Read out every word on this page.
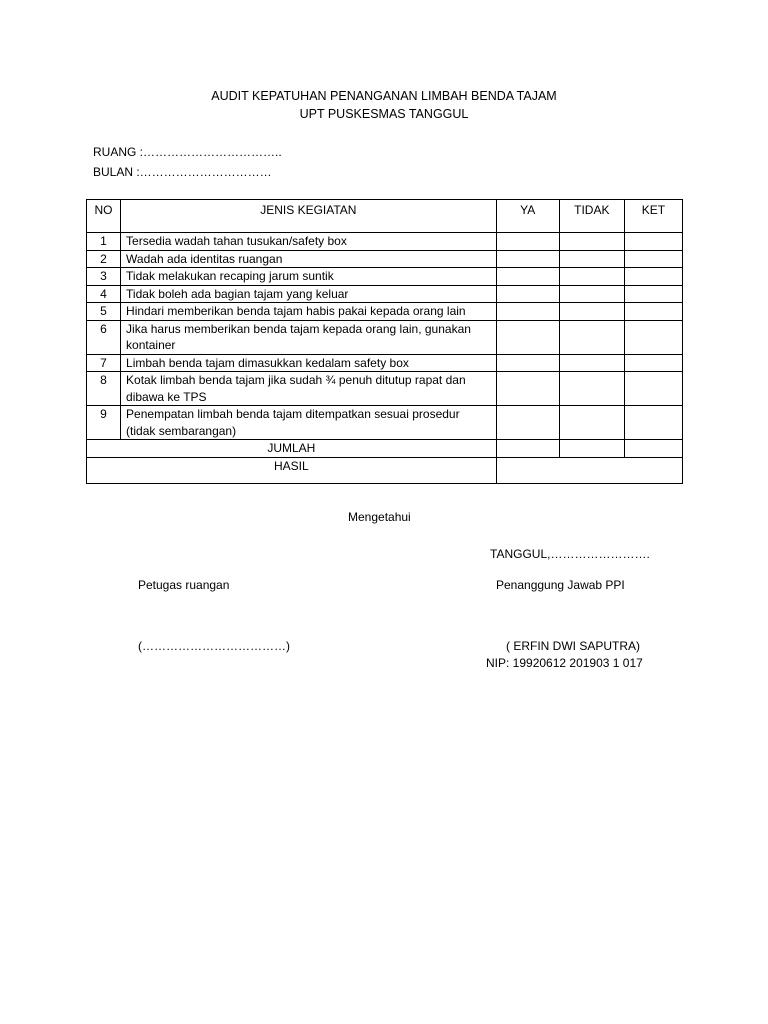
AUDIT KEPATUHAN PENANGANAN LIMBAH BENDA TAJAM
UPT PUSKESMAS TANGGUL
RUANG :……………………………..
BULAN :……………………………
NO	JENIS KEGIATAN	YA	TIDAK	KET
1	Tersedia wadah tahan tusukan/safety box			
2	Wadah ada identitas ruangan			
3	Tidak melakukan recaping jarum suntik			
4	Tidak boleh ada bagian tajam yang keluar			
5	Hindari memberikan benda tajam habis pakai kepada orang lain			
6	Jika harus memberikan benda tajam kepada orang lain, gunakan kontainer			
7	Limbah benda tajam dimasukkan kedalam safety box			
8	Kotak limbah benda tajam jika sudah ¾ penuh ditutup rapat dan dibawa ke TPS			
9	Penempatan limbah benda tajam ditempatkan sesuai prosedur (tidak sembarangan)			
JUMLAH				
HASIL				
Mengetahui
TANGGUL,…………………….
Petugas ruangan	Penanggung Jawab PPI
(………………………………)	( ERFIN DWI SAPUTRA)
NIP: 19920612 201903 1 017
